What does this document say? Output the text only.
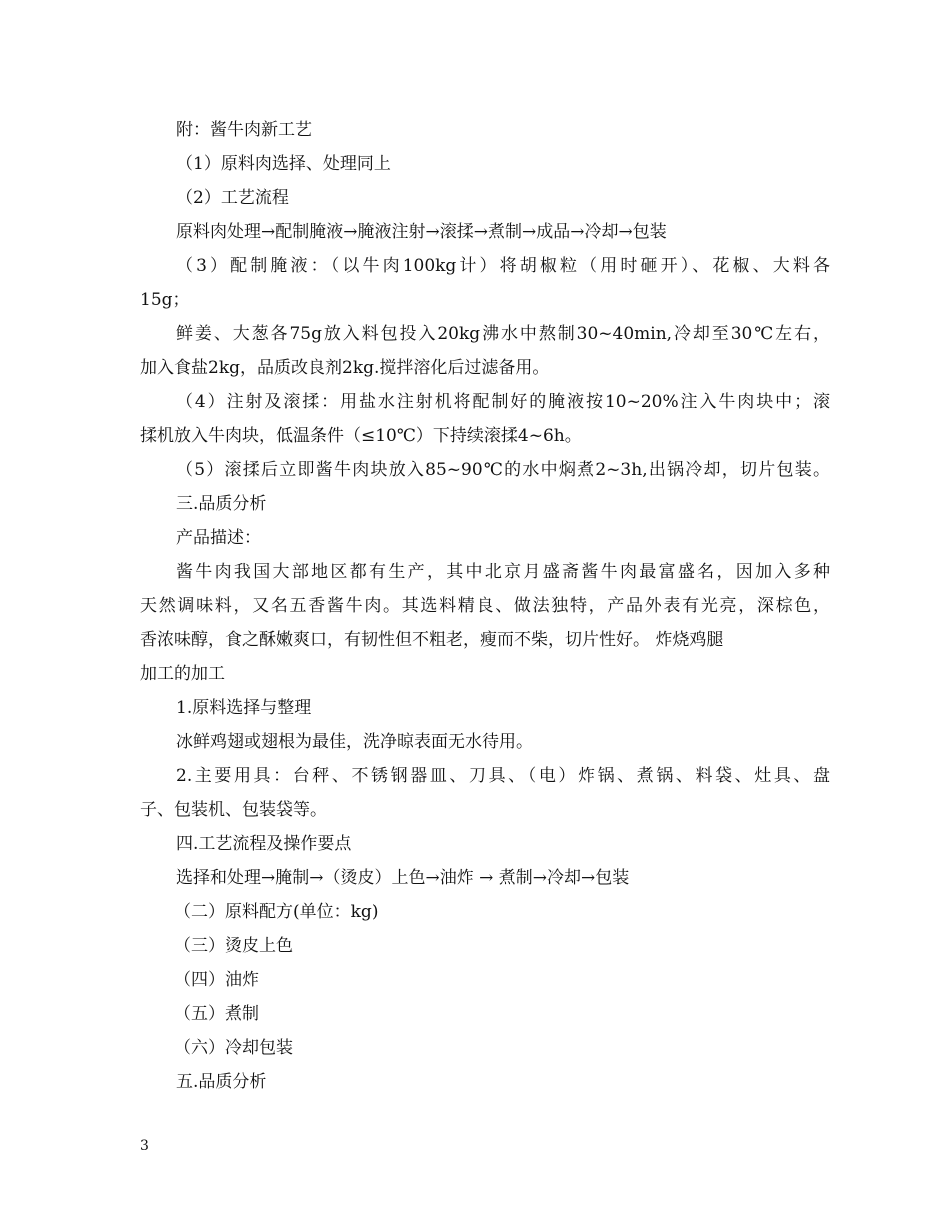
附：酱牛肉新工艺
（1）原料肉选择、处理同上
（2）工艺流程
原料肉处理→配制腌液→腌液注射→滚揉→煮制→成品→冷却→包装
（3）配制腌液：（以牛肉100kg计）将胡椒粒（用时砸开）、花椒、大料各
15g；
鲜姜、大葱各75g放入料包投入20kg沸水中熬制30~40min,冷却至30℃左右，
加入食盐2kg，品质改良剂2kg.搅拌溶化后过滤备用。
（4）注射及滚揉：用盐水注射机将配制好的腌液按10~20%注入牛肉块中；滚
揉机放入牛肉块，低温条件（≤10℃）下持续滚揉4~6h。
（5）滚揉后立即酱牛肉块放入85~90℃的水中焖煮2~3h,出锅冷却，切片包装。
三.品质分析
产品描述：
酱牛肉我国大部地区都有生产，其中北京月盛斋酱牛肉最富盛名，因加入多种
天然调味料，又名五香酱牛肉。其选料精良、做法独特，产品外表有光亮，深棕色，
香浓味醇，食之酥嫩爽口，有韧性但不粗老，瘦而不柴，切片性好。 炸烧鸡腿
加工的加工
1.原料选择与整理
冰鲜鸡翅或翅根为最佳，洗净晾表面无水待用。
2.主要用具：台秤、不锈钢器皿、刀具、（电）炸锅、煮锅、料袋、灶具、盘
子、包装机、包装袋等。
四.工艺流程及操作要点
选择和处理→腌制→（烫皮）上色→油炸 → 煮制→冷却→包装
（二）原料配方(单位：kg)
（三）烫皮上色
（四）油炸
（五）煮制
（六）冷却包装
五.品质分析
3
